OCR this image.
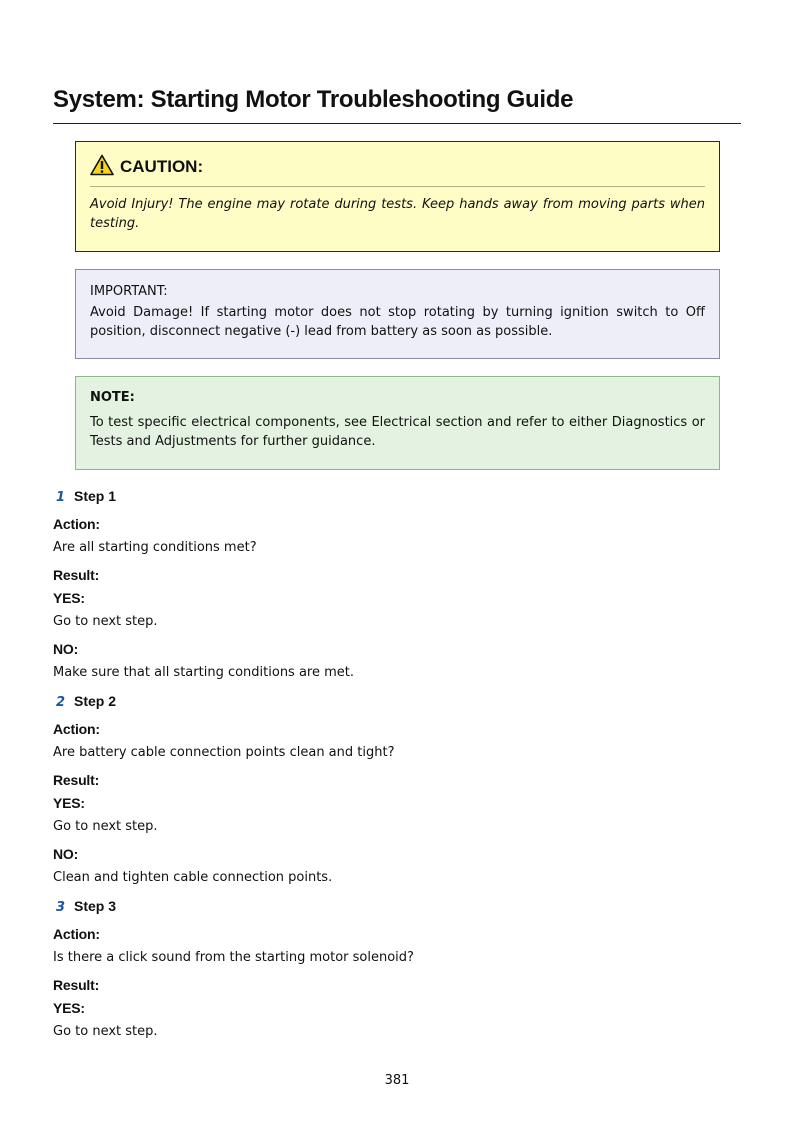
System: Starting Motor Troubleshooting Guide
CAUTION:
Avoid Injury! The engine may rotate during tests. Keep hands away from moving parts when testing.
IMPORTANT:
Avoid Damage! If starting motor does not stop rotating by turning ignition switch to Off position, disconnect negative (-) lead from battery as soon as possible.
NOTE:
To test specific electrical components, see Electrical section and refer to either Diagnostics or Tests and Adjustments for further guidance.
1 Step 1
Action:
Are all starting conditions met?
Result:
YES:
Go to next step.
NO:
Make sure that all starting conditions are met.
2 Step 2
Action:
Are battery cable connection points clean and tight?
Result:
YES:
Go to next step.
NO:
Clean and tighten cable connection points.
3 Step 3
Action:
Is there a click sound from the starting motor solenoid?
Result:
YES:
Go to next step.
381
